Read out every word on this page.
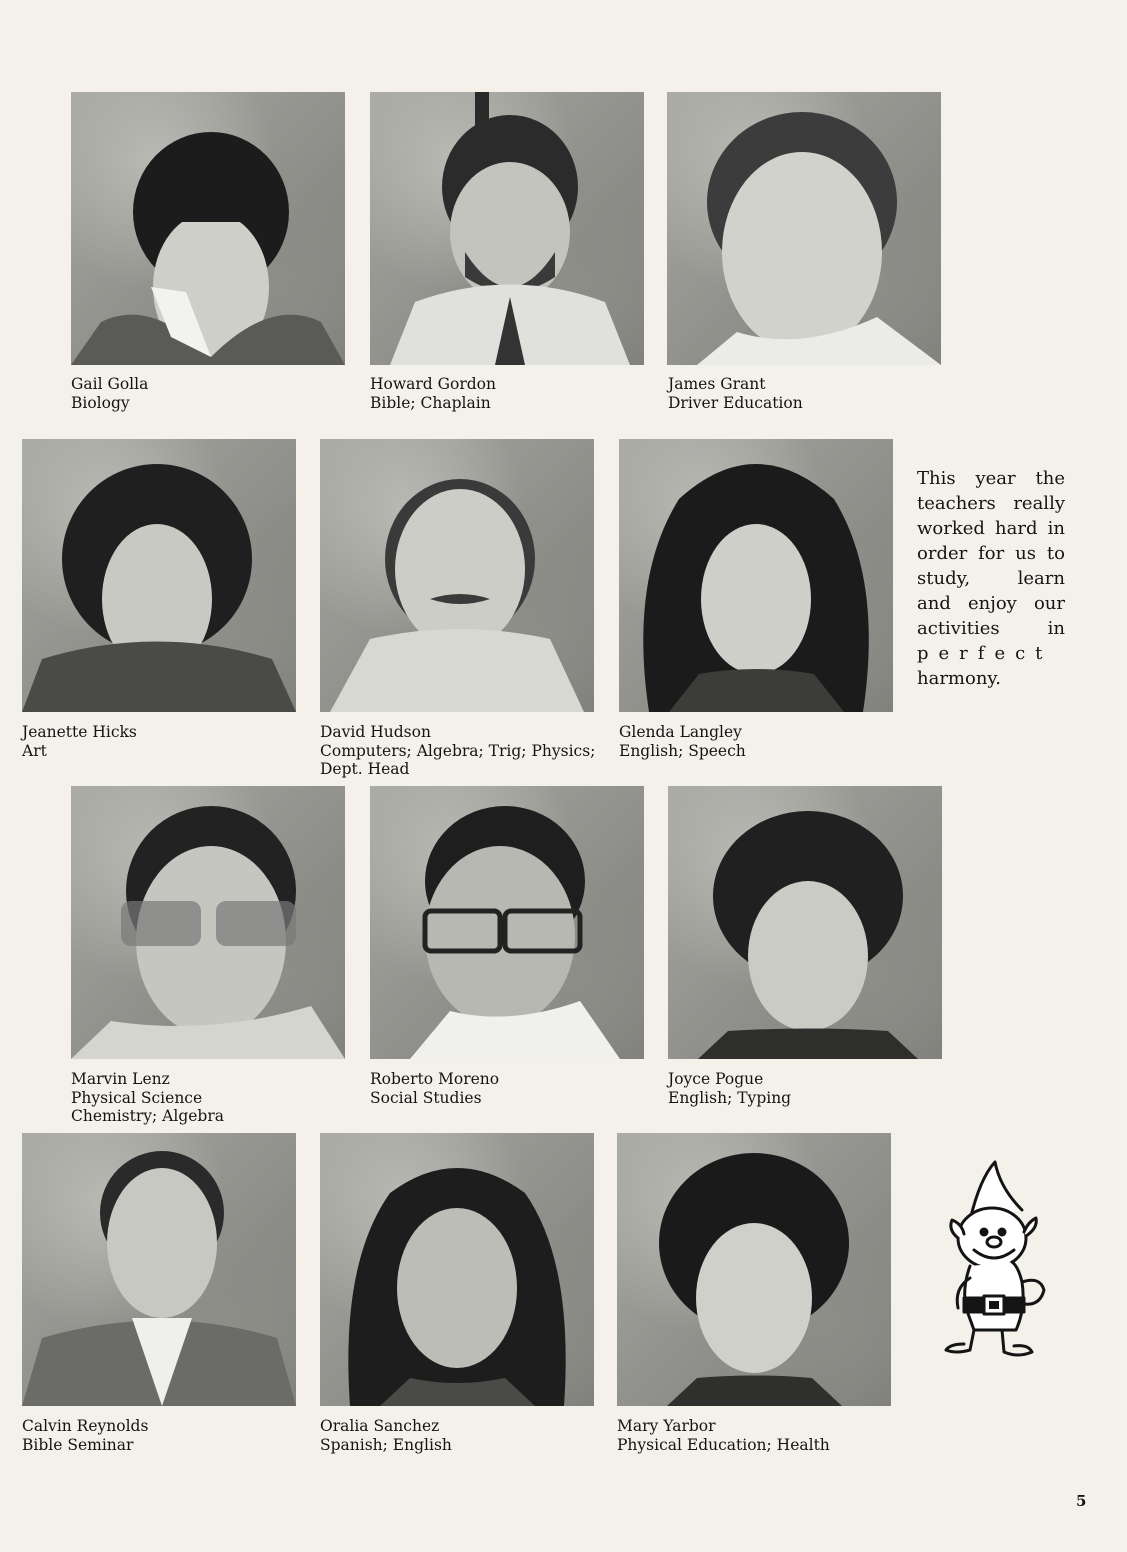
Gail Golla
Biology
Howard Gordon
Bible; Chaplain
James Grant
Driver Education
Jeanette Hicks
Art
David Hudson
Computers; Algebra; Trig; Physics;
Dept. Head
Glenda Langley
English; Speech
This year the
teachers really
worked hard in
order for us to
study, learn
and enjoy our
activities in
perfect
harmony.
Marvin Lenz
Physical Science
Chemistry; Algebra
Roberto Moreno
Social Studies
Joyce Pogue
English; Typing
Calvin Reynolds
Bible Seminar
Oralia Sanchez
Spanish; English
Mary Yarbor
Physical Education; Health
5
